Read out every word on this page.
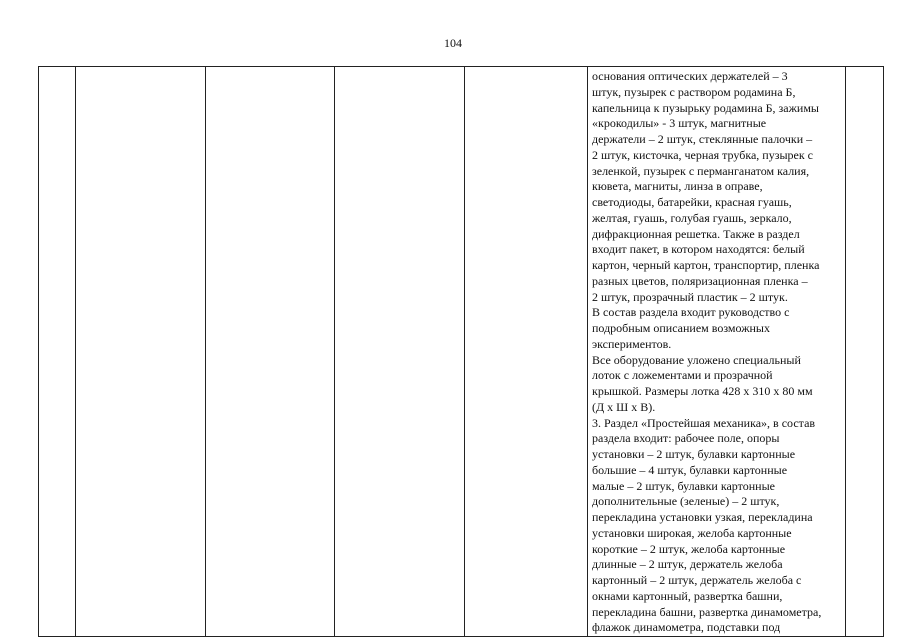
104

основания оптических держателей – 3
штук, пузырек с раствором родамина Б,
капельница к пузырьку родамина Б, зажимы
«крокодилы» - 3 штук, магнитные
держатели – 2 штук, стеклянные палочки –
2 штук, кисточка, черная трубка, пузырек с
зеленкой, пузырек с перманганатом калия,
кювета, магниты, линза в оправе,
светодиоды, батарейки, красная гуашь,
желтая, гуашь, голубая гуашь, зеркало,
дифракционная решетка. Также в раздел
входит пакет, в котором находятся: белый
картон, черный картон, транспортир, пленка
разных цветов, поляризационная пленка –
2 штук, прозрачный пластик – 2 штук.
В состав раздела входит руководство с
подробным описанием возможных
экспериментов.
Все оборудование уложено специальный
лоток с ложементами и прозрачной
крышкой. Размеры лотка 428 х 310 х 80 мм
(Д х Ш х В).
3. Раздел «Простейшая механика», в состав
раздела входит: рабочее поле, опоры
установки – 2 штук, булавки картонные
большие – 4 штук, булавки картонные
малые – 2 штук, булавки картонные
дополнительные (зеленые) – 2 штук,
перекладина установки узкая, перекладина
установки широкая, желоба картонные
короткие – 2 штук, желоба картонные
длинные – 2 штук, держатель желоба
картонный – 2 штук, держатель желоба с
окнами картонный, развертка башни,
перекладина башни, развертка динамометра,
флажок динамометра, подставки под
